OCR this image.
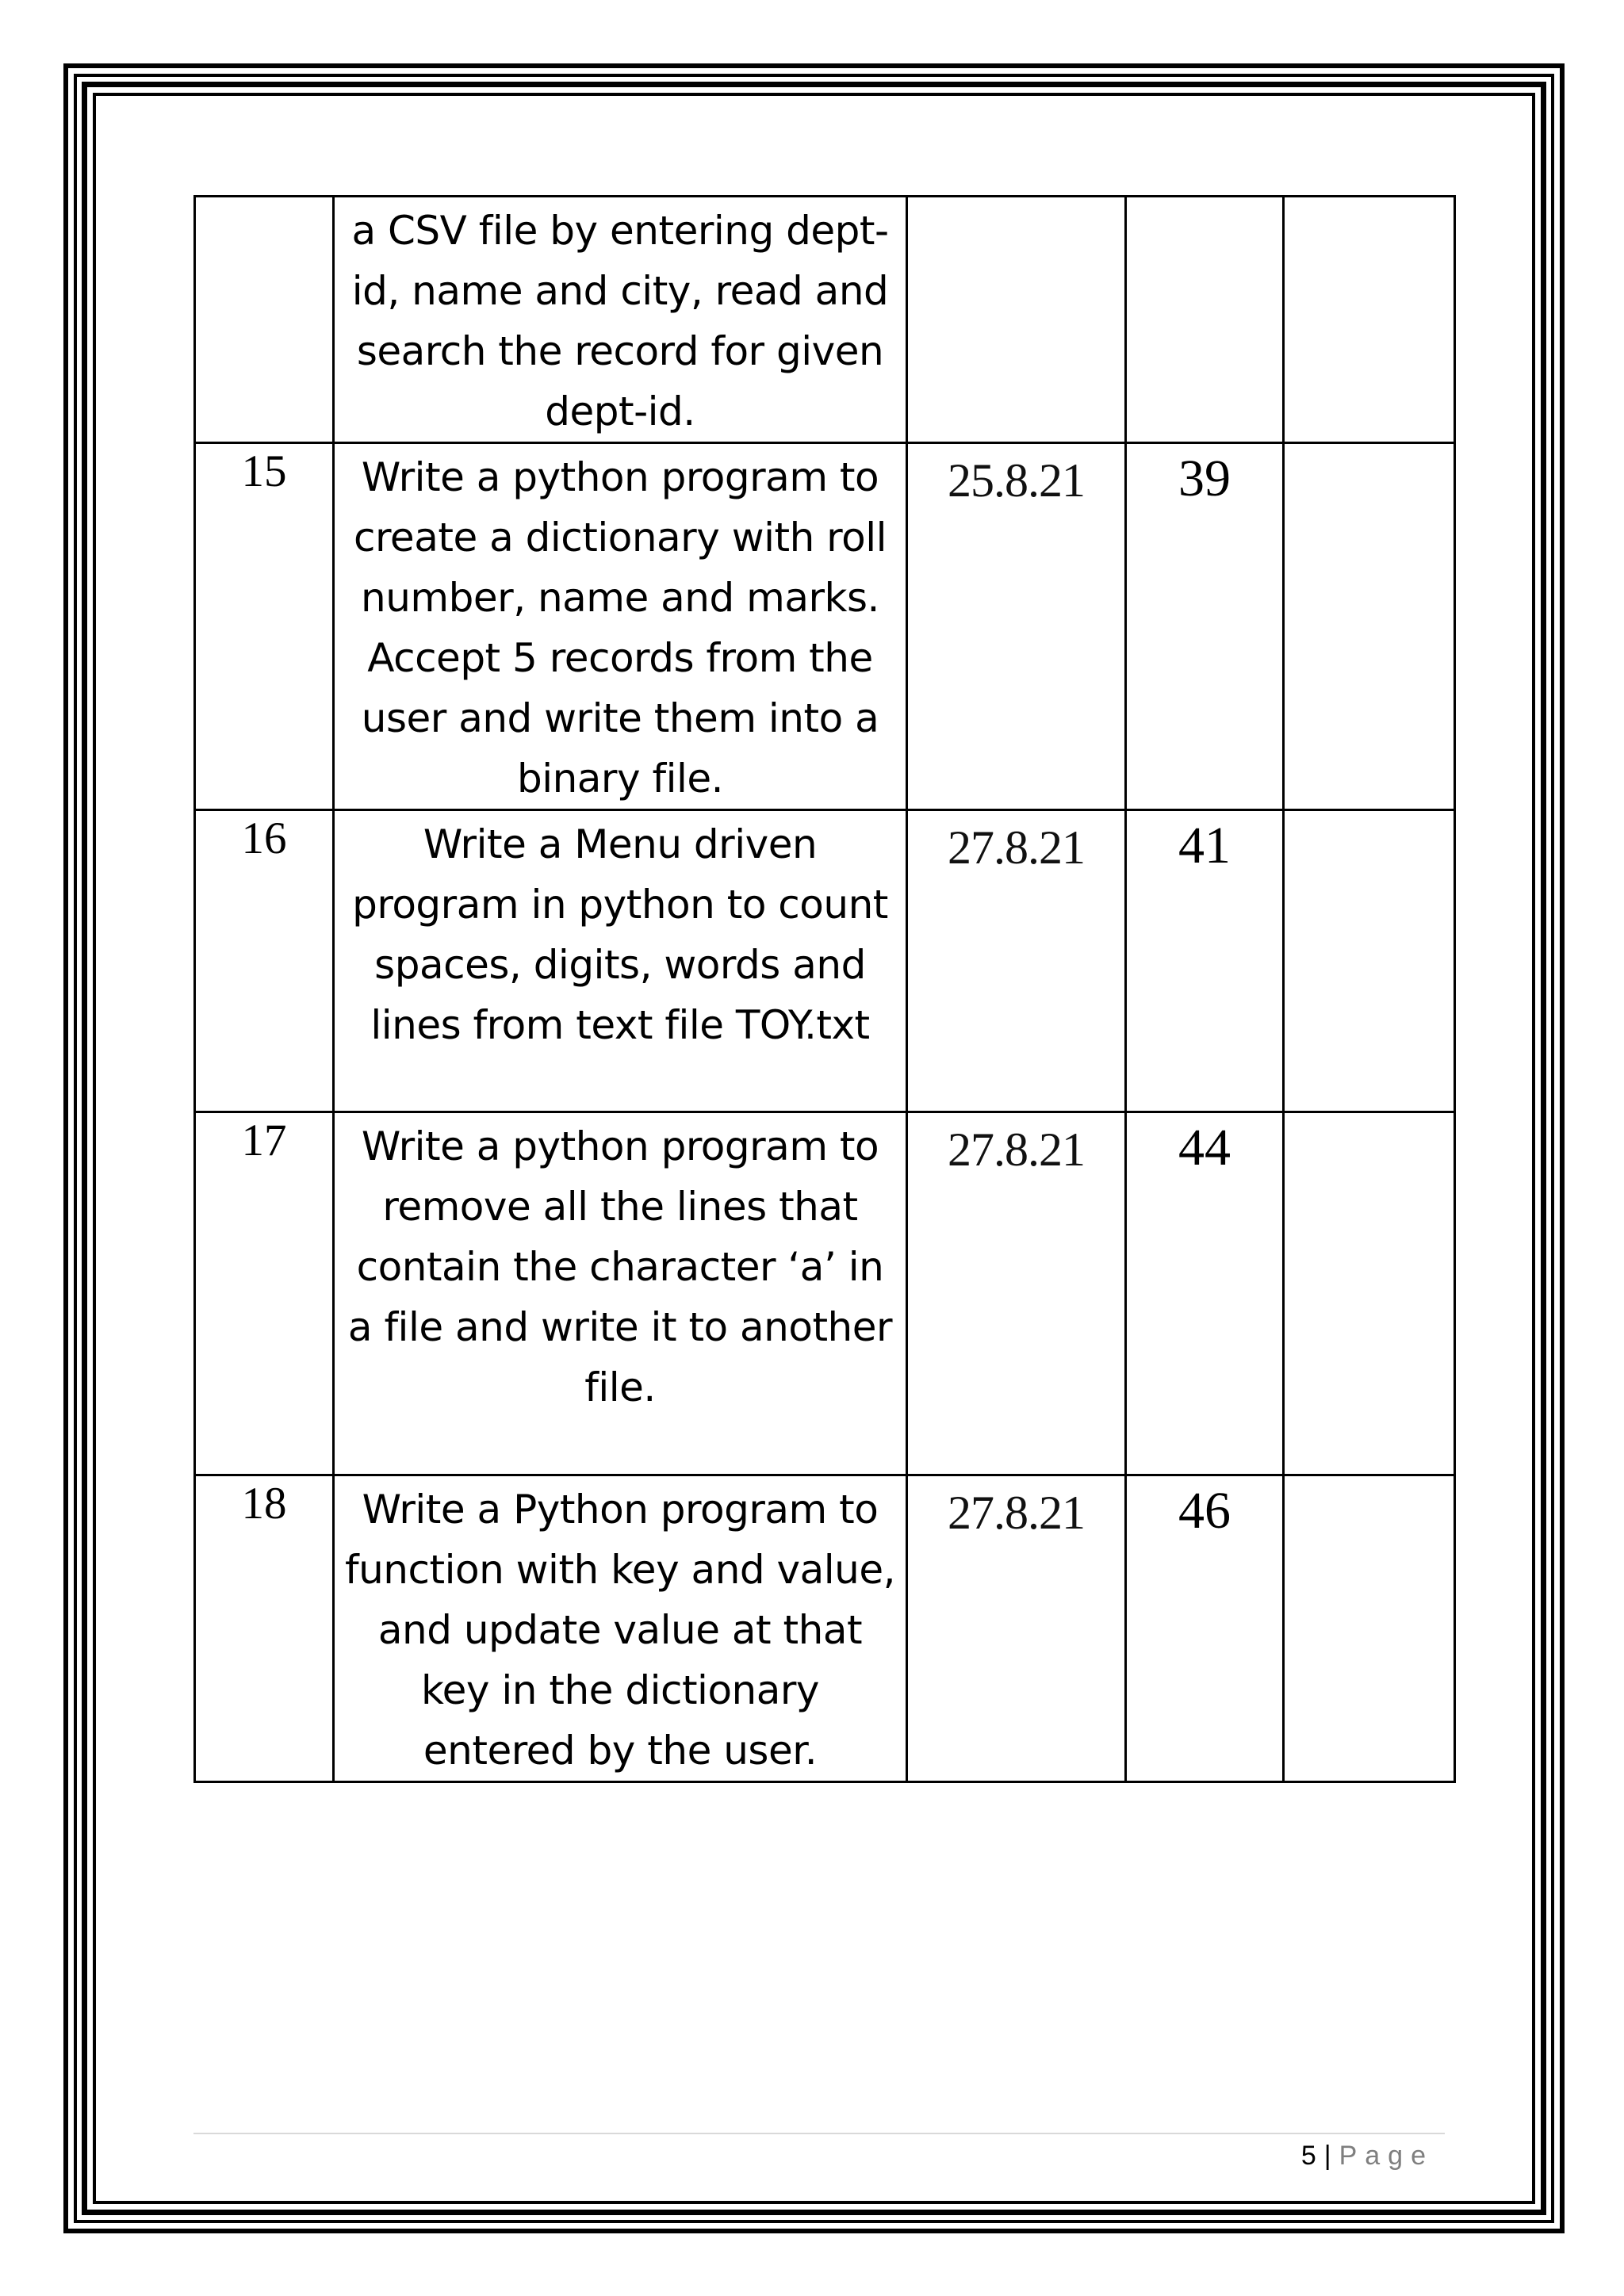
	a CSV file by entering dept-id, name and city, read and search the record for given dept-id.			
15	Write a python program to create a dictionary with roll number, name and marks. Accept 5 records from the user and write them into a binary file.	25.8.21	39	
16	Write a Menu driven program in python to count spaces, digits, words and lines from text file TOY.txt	27.8.21	41	
17	Write a python program to remove all the lines that contain the character ‘a’ in a file and write it to another file.	27.8.21	44	
18	Write a Python program to function with key and value, and update value at that key in the dictionary entered by the user.	27.8.21	46	
5 | Page
